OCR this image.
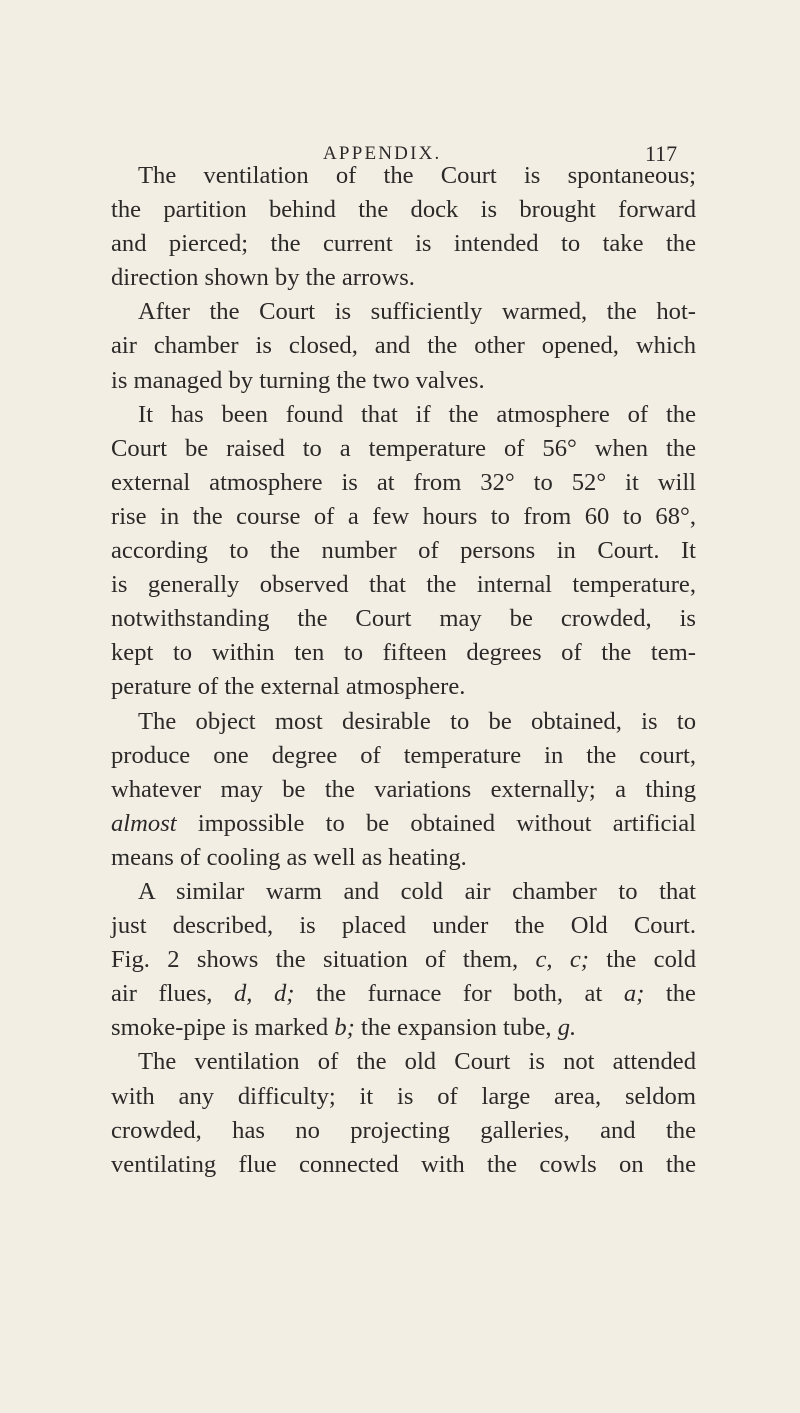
APPENDIX.	117
The ventilation of the Court is spontaneous;
the partition behind the dock is brought forward
and pierced; the current is intended to take the
direction shown by the arrows.
After the Court is sufficiently warmed, the hot-
air chamber is closed, and the other opened, which
is managed by turning the two valves.
It has been found that if the atmosphere of the
Court be raised to a temperature of 56° when the
external atmosphere is at from 32° to 52° it will
rise in the course of a few hours to from 60 to 68°,
according to the number of persons in Court. It
is generally observed that the internal temperature,
notwithstanding the Court may be crowded, is
kept to within ten to fifteen degrees of the tem-
perature of the external atmosphere.
The object most desirable to be obtained, is to
produce one degree of temperature in the court,
whatever may be the variations externally; a thing
almost impossible to be obtained without artificial
means of cooling as well as heating.
A similar warm and cold air chamber to that
just described, is placed under the Old Court.
Fig. 2 shows the situation of them, c, c; the cold
air flues, d, d; the furnace for both, at a; the
smoke-pipe is marked b; the expansion tube, g.
The ventilation of the old Court is not attended
with any difficulty; it is of large area, seldom
crowded, has no projecting galleries, and the
ventilating flue connected with the cowls on the
